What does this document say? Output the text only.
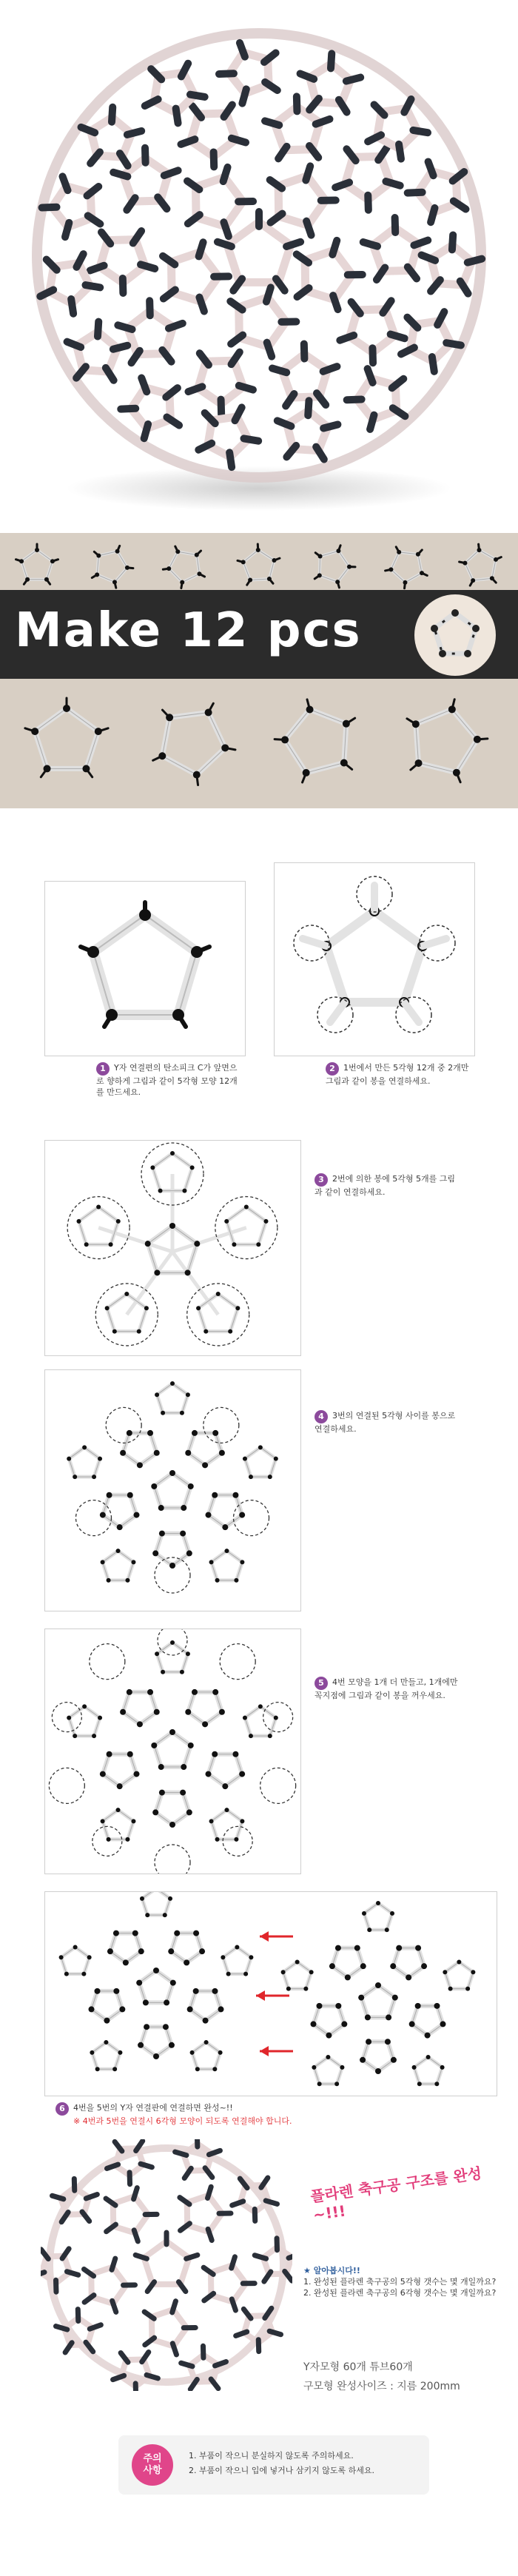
Make 12 pcs
1 Y자 연결편의 탄소피크 C가 앞면으로 향하게 그림과 같이 5각형 모양 12개를 만드세요.
2 1번에서 만든 5각형 12개 중 2개만 그림과 같이 봉을 연결하세요.
3 2번에 의한 봉에 5각형 5개를 그림과 같이 연결하세요.
4 3번의 연결된 5각형 사이를 봉으로 연결하세요.
5 4번 모양을 1개 더 만들고, 1개에만 꼭지점에 그림과 같이 봉을 꺼우세요.
6 4번을 5번의 Y자 연결판에 연결하면 완성~!!
※ 4번과 5번을 연결시 6각형 모양이 되도록 연결해야 합니다.
플라렌 축구공 구조를 완성~!!!
★ 알아봅시다!!
1. 완성된 플라렌 축구공의 5각형 갯수는 몇 개일까요?
2. 완성된 플라렌 축구공의 6각형 갯수는 몇 개일까요?
Y자모형 60개 튜브60개
구모형 완성사이즈 : 지름 200mm
주의사항
1. 부품이 작으니 분실하지 않도록 주의하세요.
2. 부품이 작으니 입에 넣거나 삼키지 않도록 하세요.
